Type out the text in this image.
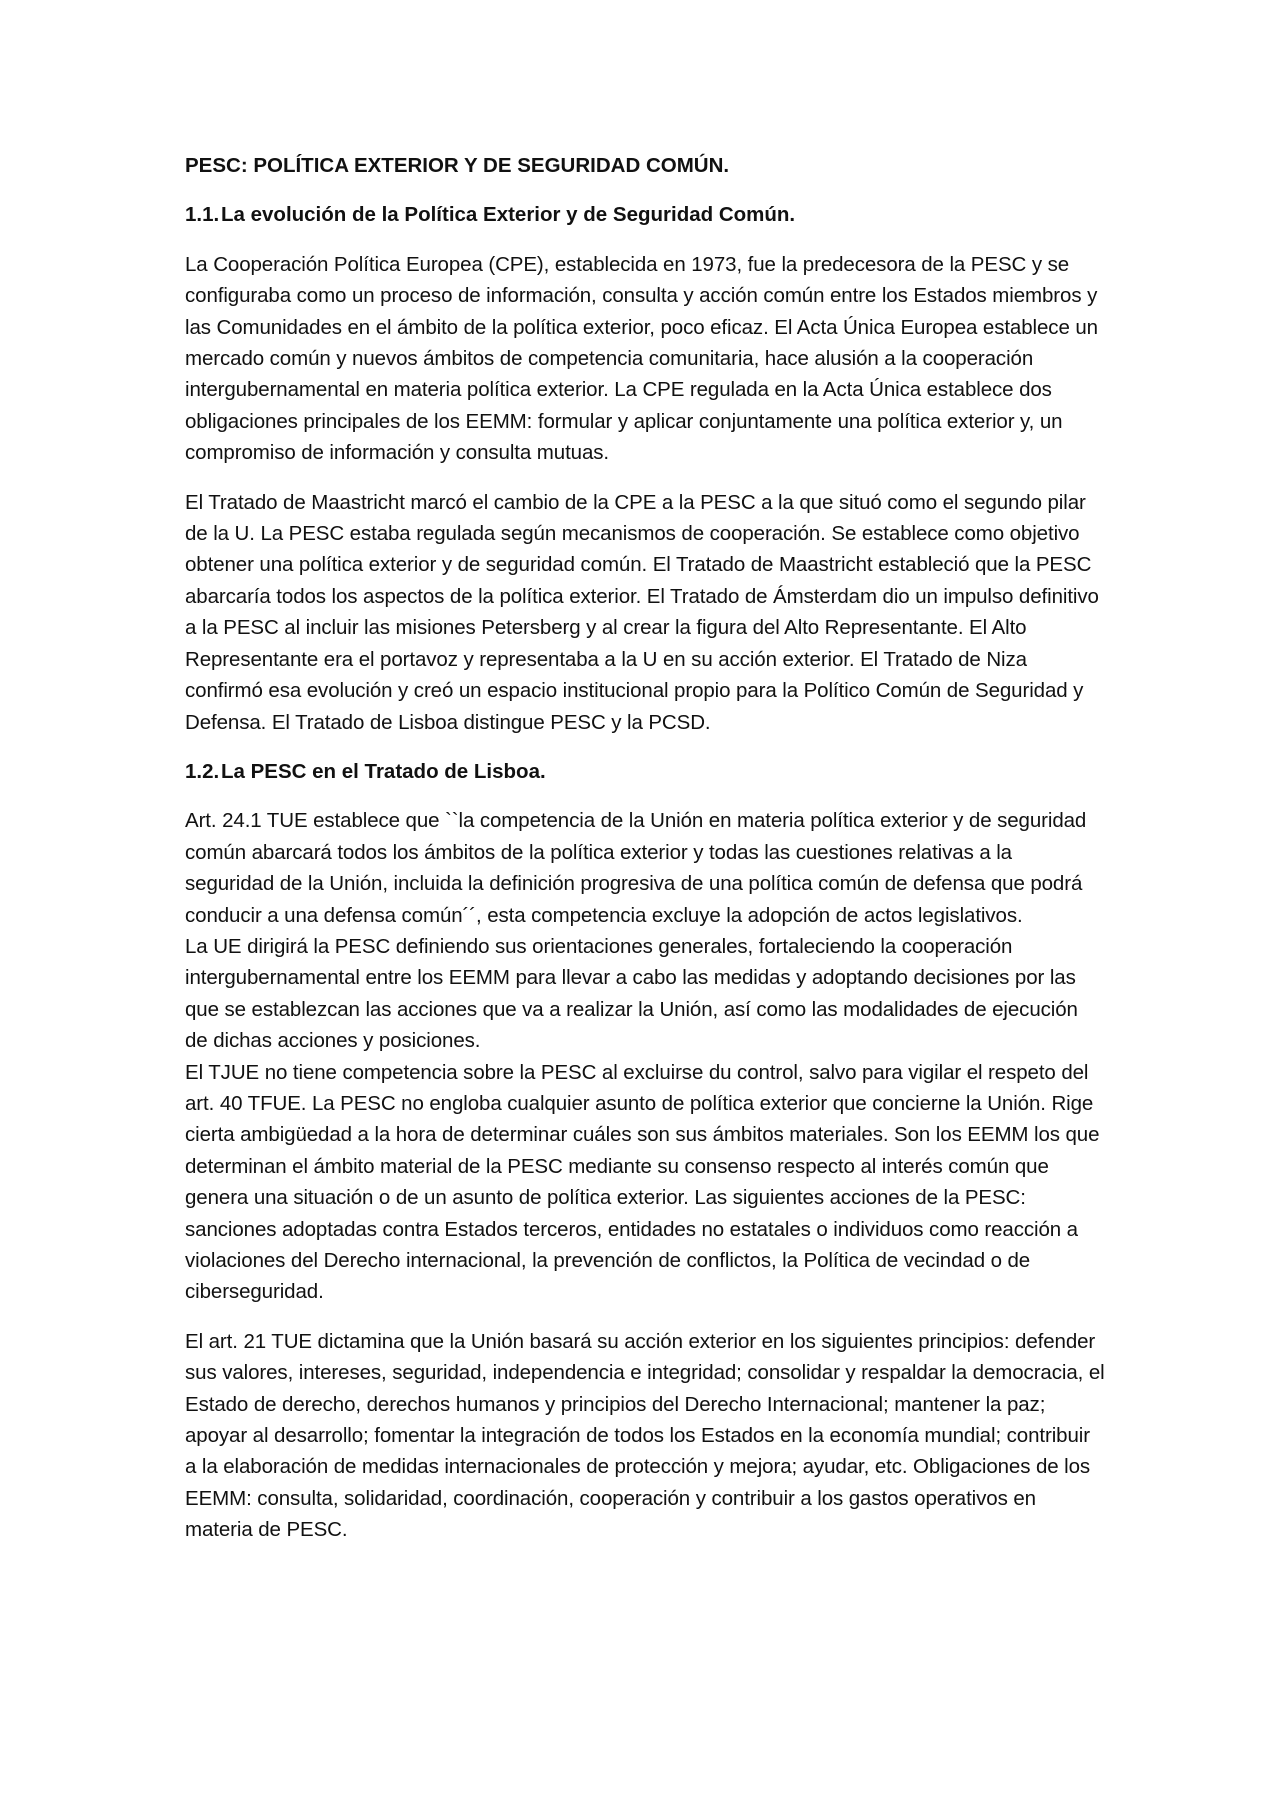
PESC: POLÍTICA EXTERIOR Y DE SEGURIDAD COMÚN.

1.1.La evolución de la Política Exterior y de Seguridad Común.

La Cooperación Política Europea (CPE), establecida en 1973, fue la predecesora de la PESC y se configuraba como un proceso de información, consulta y acción común entre los Estados miembros y las Comunidades en el ámbito de la política exterior, poco eficaz. El Acta Única Europea establece un mercado común y nuevos ámbitos de competencia comunitaria, hace alusión a la cooperación intergubernamental en materia política exterior. La CPE regulada en la Acta Única establece dos obligaciones principales de los EEMM: formular y aplicar conjuntamente una política exterior y, un compromiso de información y consulta mutuas.

El Tratado de Maastricht marcó el cambio de la CPE a la PESC a la que situó como el segundo pilar de la U. La PESC estaba regulada según mecanismos de cooperación. Se establece como objetivo obtener una política exterior y de seguridad común. El Tratado de Maastricht estableció que la PESC abarcaría todos los aspectos de la política exterior. El Tratado de Ámsterdam dio un impulso definitivo a la PESC al incluir las misiones Petersberg y al crear la figura del Alto Representante. El Alto Representante era el portavoz y representaba a la U en su acción exterior. El Tratado de Niza confirmó esa evolución y creó un espacio institucional propio para la Político Común de Seguridad y Defensa. El Tratado de Lisboa distingue PESC y la PCSD.

1.2.La PESC en el Tratado de Lisboa.

Art. 24.1 TUE establece que ``la competencia de la Unión en materia política exterior y de seguridad común abarcará todos los ámbitos de la política exterior y todas las cuestiones relativas a la seguridad de la Unión, incluida la definición progresiva de una política común de defensa que podrá conducir a una defensa común´´, esta competencia excluye la adopción de actos legislativos.

La UE dirigirá la PESC definiendo sus orientaciones generales, fortaleciendo la cooperación intergubernamental entre los EEMM para llevar a cabo las medidas y adoptando decisiones por las que se establezcan las acciones que va a realizar la Unión, así como las modalidades de ejecución de dichas acciones y posiciones.

El TJUE no tiene competencia sobre la PESC al excluirse du control, salvo para vigilar el respeto del art. 40 TFUE. La PESC no engloba cualquier asunto de política exterior que concierne la Unión. Rige cierta ambigüedad a la hora de determinar cuáles son sus ámbitos materiales. Son los EEMM los que determinan el ámbito material de la PESC mediante su consenso respecto al interés común que genera una situación o de un asunto de política exterior. Las siguientes acciones de la PESC: sanciones adoptadas contra Estados terceros, entidades no estatales o individuos como reacción a violaciones del Derecho internacional, la prevención de conflictos, la Política de vecindad o de ciberseguridad.

El art. 21 TUE dictamina que la Unión basará su acción exterior en los siguientes principios: defender sus valores, intereses, seguridad, independencia e integridad; consolidar y respaldar la democracia, el Estado de derecho, derechos humanos y principios del Derecho Internacional; mantener la paz; apoyar al desarrollo; fomentar la integración de todos los Estados en la economía mundial; contribuir a la elaboración de medidas internacionales de protección y mejora; ayudar, etc. Obligaciones de los EEMM: consulta, solidaridad, coordinación, cooperación y contribuir a los gastos operativos en materia de PESC.
